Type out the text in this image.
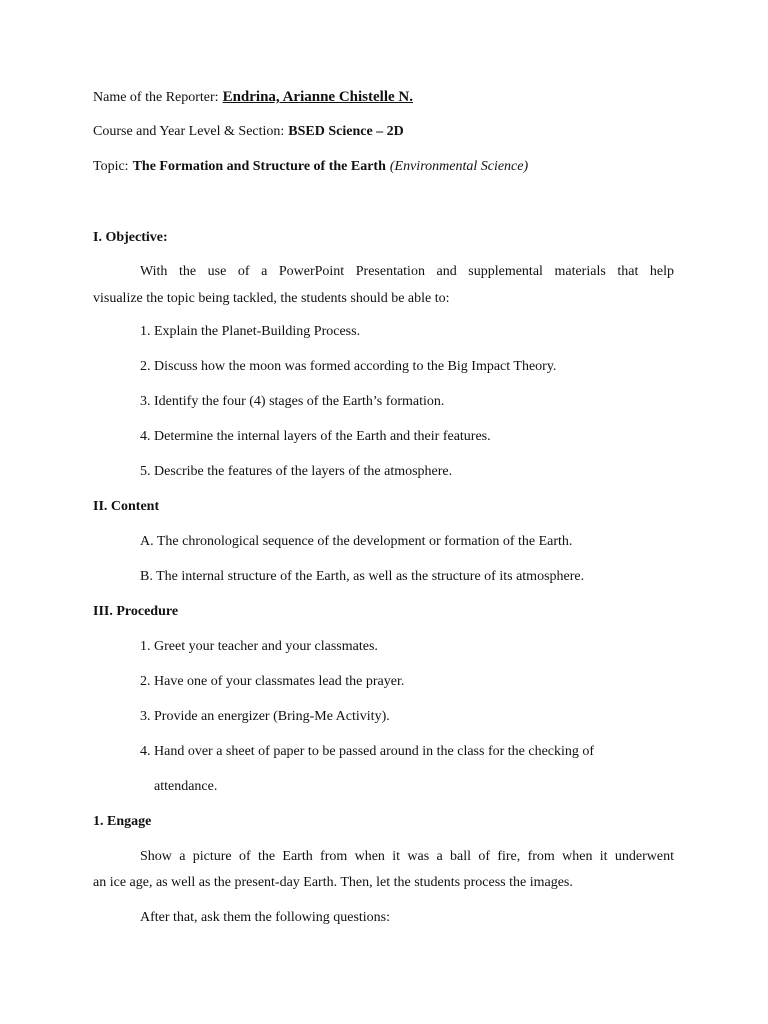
Name of the Reporter: Endrina, Arianne Chistelle N.
Course and Year Level & Section: BSED Science – 2D
Topic: The Formation and Structure of the Earth (Environmental Science)
I. Objective:
With the use of a PowerPoint Presentation and supplemental materials that help
visualize the topic being tackled, the students should be able to:
1. Explain the Planet-Building Process.
2. Discuss how the moon was formed according to the Big Impact Theory.
3. Identify the four (4) stages of the Earth’s formation.
4. Determine the internal layers of the Earth and their features.
5. Describe the features of the layers of the atmosphere.
II. Content
A. The chronological sequence of the development or formation of the Earth.
B. The internal structure of the Earth, as well as the structure of its atmosphere.
III. Procedure
1. Greet your teacher and your classmates.
2. Have one of your classmates lead the prayer.
3. Provide an energizer (Bring-Me Activity).
4. Hand over a sheet of paper to be passed around in the class for the checking of
attendance.
1. Engage
Show a picture of the Earth from when it was a ball of fire, from when it underwent
an ice age, as well as the present-day Earth. Then, let the students process the images.
After that, ask them the following questions:
